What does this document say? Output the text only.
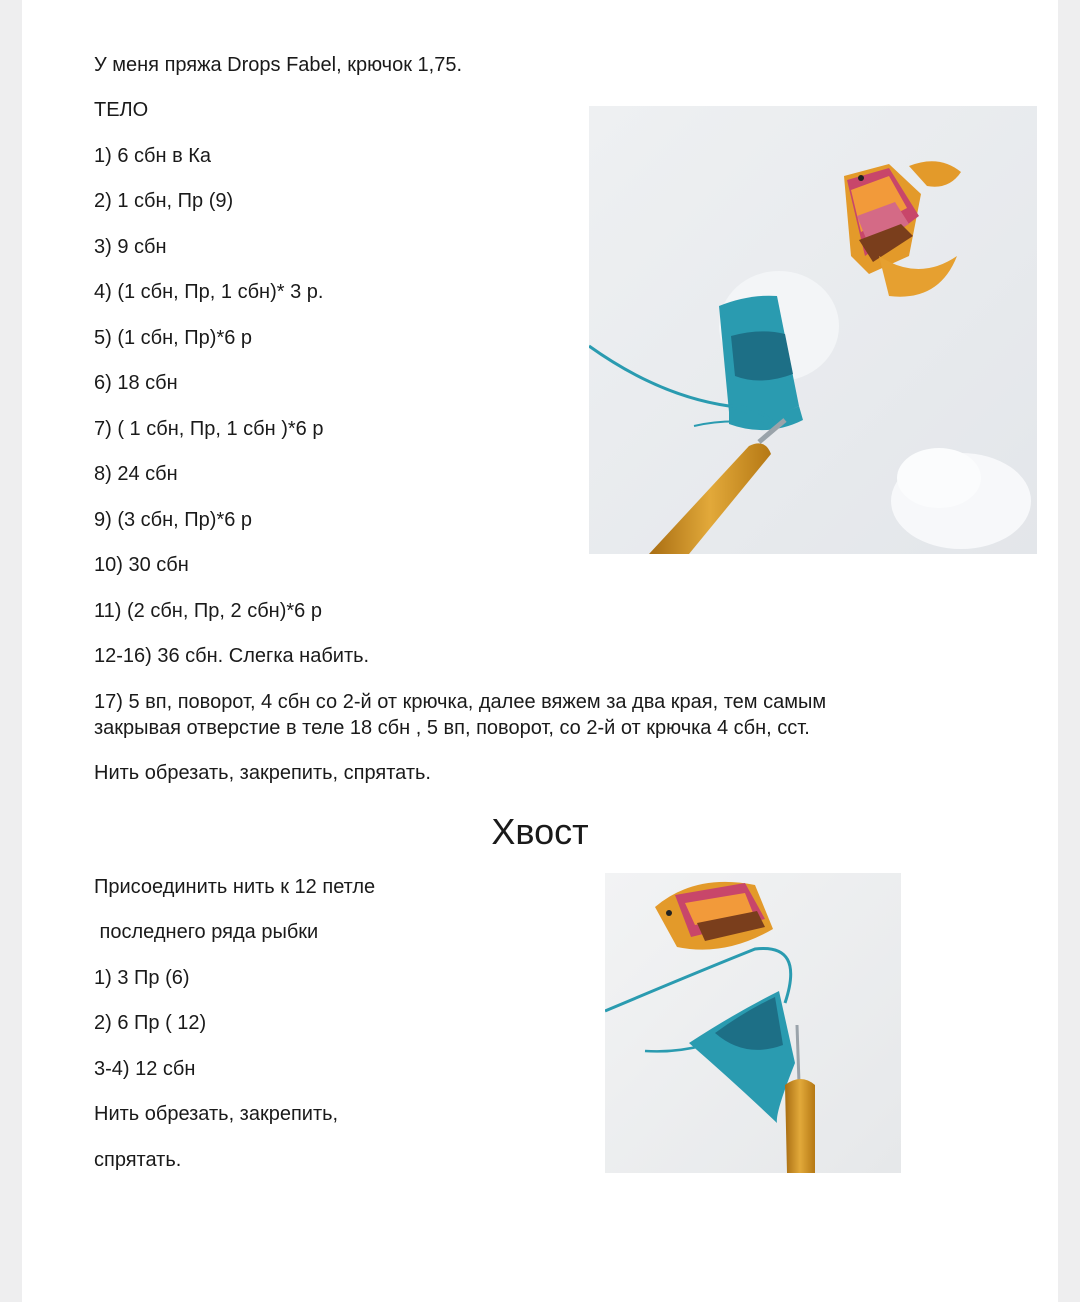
У меня пряжа Drops Fabel, крючок 1,75.
ТЕЛО
1) 6 сбн в Ка
2) 1 сбн, Пр (9)
3) 9 сбн
4) (1 сбн, Пр, 1 сбн)* 3 р.
5) (1 сбн, Пр)*6 р
6) 18 сбн
7) ( 1 сбн, Пр, 1 сбн )*6 р
8) 24 сбн
9) (3 сбн, Пр)*6 р
10) 30 сбн
11) (2 сбн, Пр, 2 сбн)*6 р
12-16) 36 сбн. Слегка набить.
17) 5 вп, поворот, 4 сбн со 2-й от крючка, далее вяжем за два края, тем самым
закрывая отверстие в теле 18 сбн , 5 вп, поворот, со 2-й от крючка 4 сбн, сст.
Нить обрезать, закрепить, спрятать.
Хвост
Присоединить нить к 12 петле
последнего ряда рыбки
1) 3 Пр (6)
2) 6 Пр ( 12)
3-4) 12 сбн
Нить обрезать, закрепить,
спрятать.
